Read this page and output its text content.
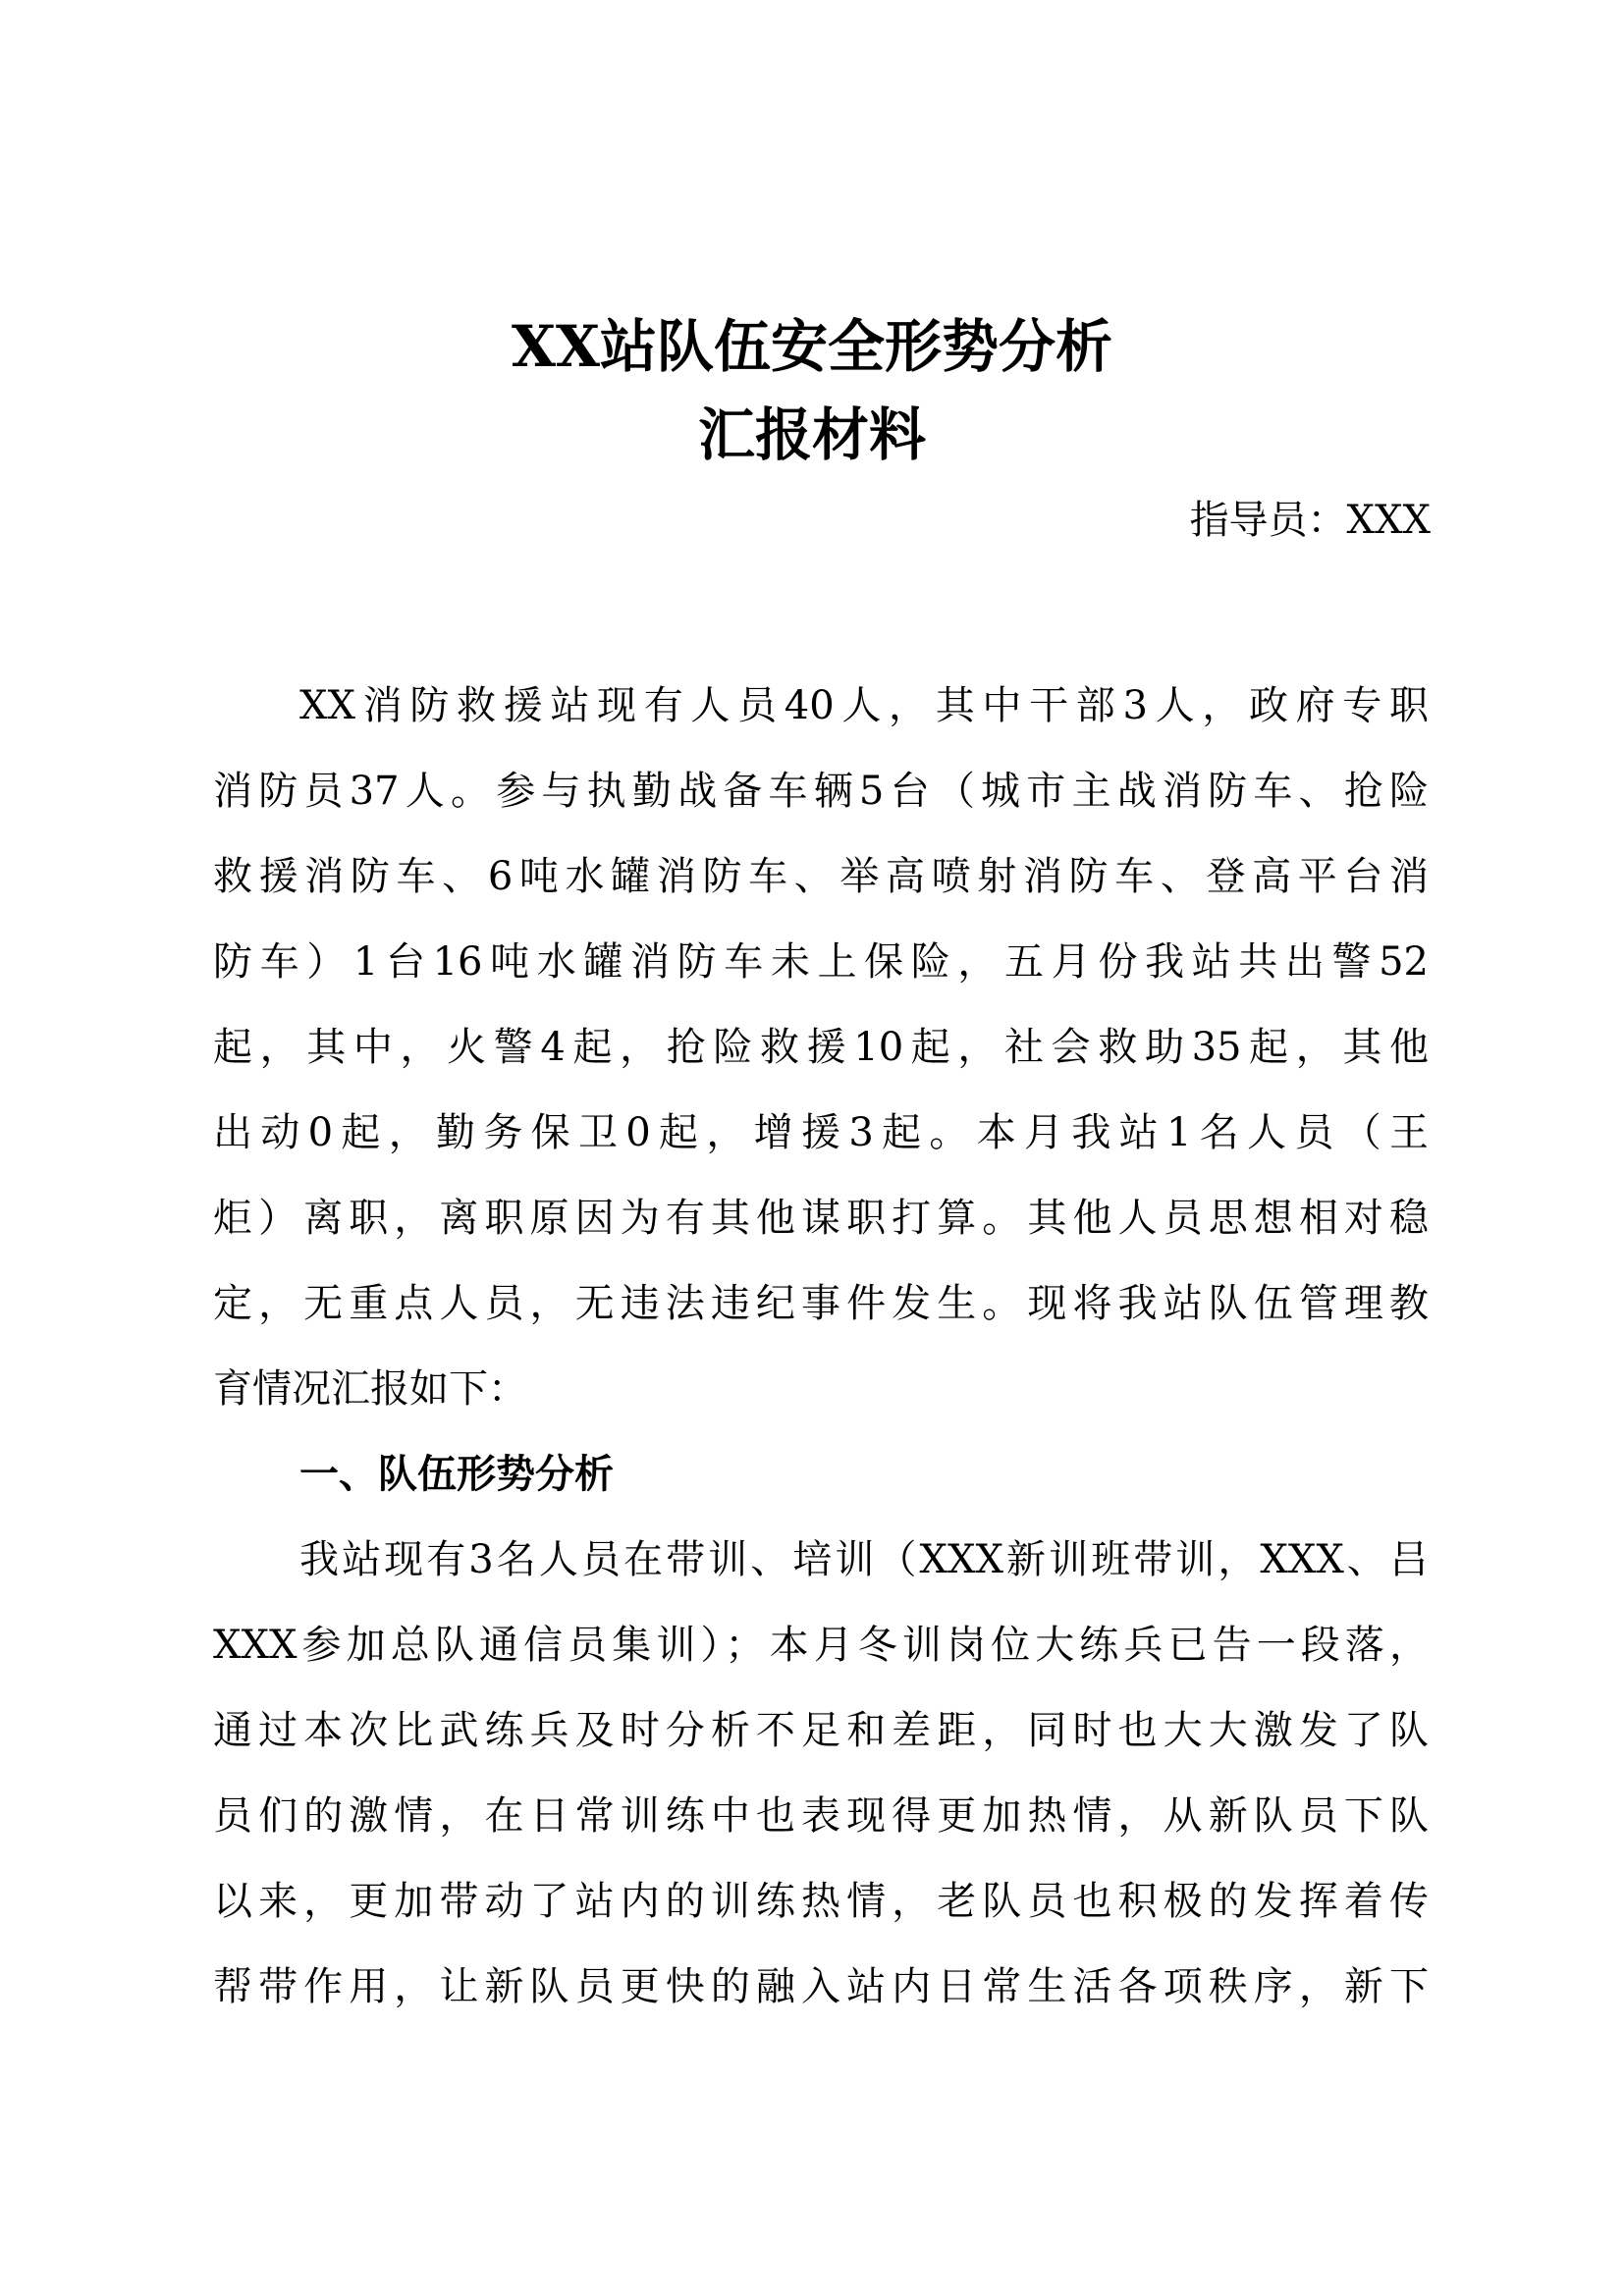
XX站队伍安全形势分析
汇报材料
指导员：XXX
XX消防救援站现有人员40人，其中干部3人，政府专职
消防员37人。参与执勤战备车辆5台（城市主战消防车、抢险
救援消防车、6吨水罐消防车、举高喷射消防车、登高平台消
防车）1台16吨水罐消防车未上保险，五月份我站共出警52
起，其中，火警4起，抢险救援10起，社会救助35起，其他
出动0起，勤务保卫0起，增援3起。本月我站1名人员（王
炬）离职，离职原因为有其他谋职打算。其他人员思想相对稳
定，无重点人员，无违法违纪事件发生。现将我站队伍管理教
育情况汇报如下：
一、队伍形势分析
我站现有3名人员在带训、培训（XXX新训班带训，XXX、吕
XXX参加总队通信员集训）；本月冬训岗位大练兵已告一段落，
通过本次比武练兵及时分析不足和差距，同时也大大激发了队
员们的激情，在日常训练中也表现得更加热情，从新队员下队
以来，更加带动了站内的训练热情，老队员也积极的发挥着传
帮带作用，让新队员更快的融入站内日常生活各项秩序，新下
